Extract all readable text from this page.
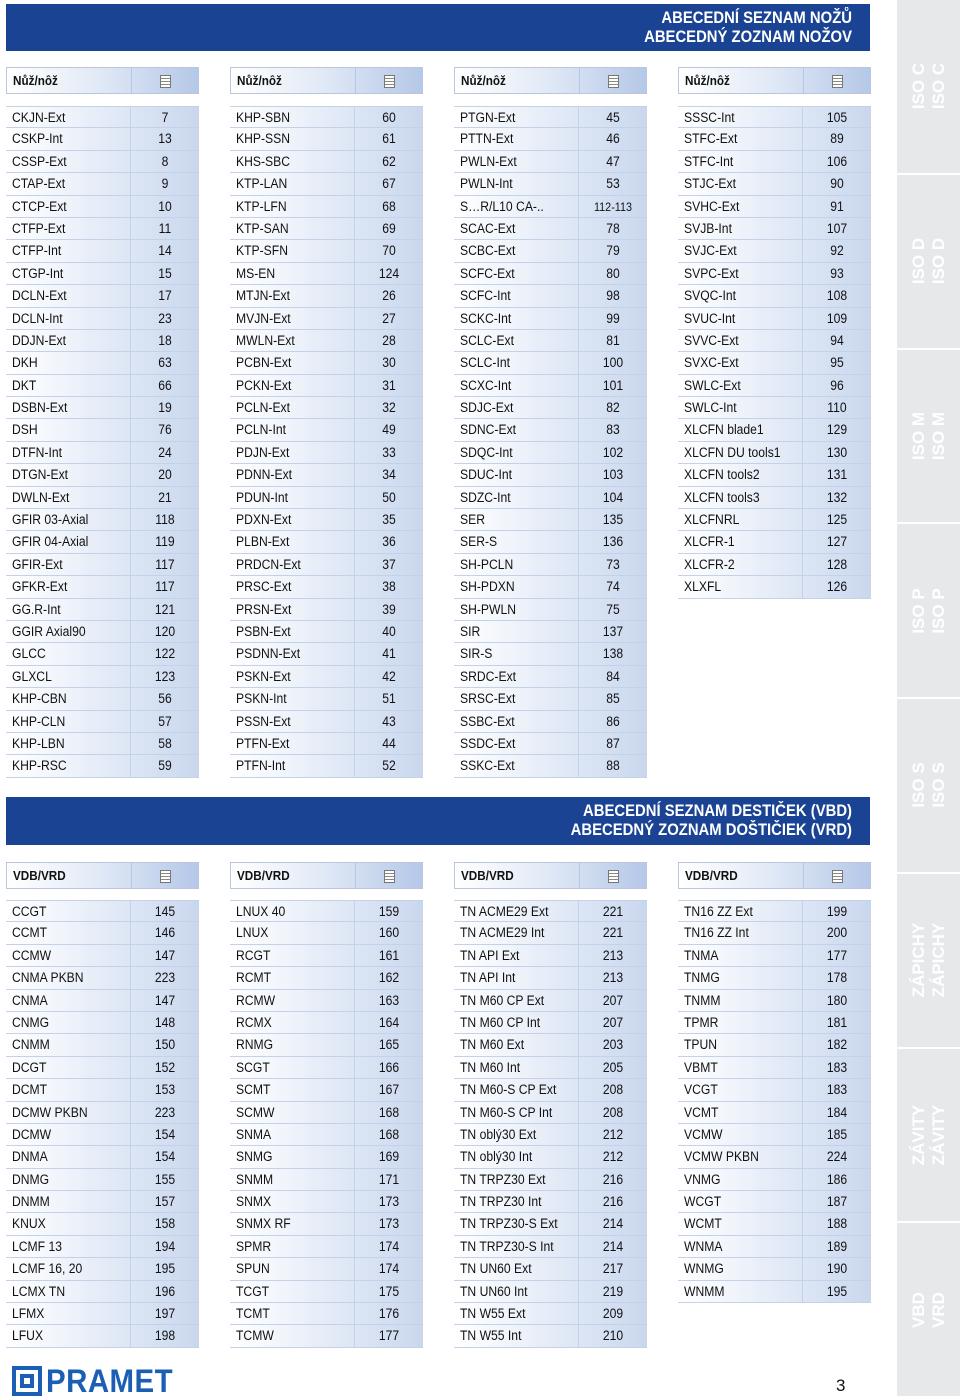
ABECEDNÍ SEZNAM NOŽŮ
ABECEDNÝ ZOZNAM NOŽOV
ABECEDNÍ SEZNAM DESTIČEK (VBD)
ABECEDNÝ ZOZNAM DOŠTIČIEK (VRD)
Nůž/nôž
CKJN-Ext	7
CSKP-Int	13
CSSP-Ext	8
CTAP-Ext	9
CTCP-Ext	10
CTFP-Ext	11
CTFP-Int	14
CTGP-Int	15
DCLN-Ext	17
DCLN-Int	23
DDJN-Ext	18
DKH	63
DKT	66
DSBN-Ext	19
DSH	76
DTFN-Int	24
DTGN-Ext	20
DWLN-Ext	21
GFIR 03-Axial	118
GFIR 04-Axial	119
GFIR-Ext	117
GFKR-Ext	117
GG.R-Int	121
GGIR Axial90	120
GLCC	122
GLXCL	123
KHP-CBN	56
KHP-CLN	57
KHP-LBN	58
KHP-RSC	59
Nůž/nôž
KHP-SBN	60
KHP-SSN	61
KHS-SBC	62
KTP-LAN	67
KTP-LFN	68
KTP-SAN	69
KTP-SFN	70
MS-EN	124
MTJN-Ext	26
MVJN-Ext	27
MWLN-Ext	28
PCBN-Ext	30
PCKN-Ext	31
PCLN-Ext	32
PCLN-Int	49
PDJN-Ext	33
PDNN-Ext	34
PDUN-Int	50
PDXN-Ext	35
PLBN-Ext	36
PRDCN-Ext	37
PRSC-Ext	38
PRSN-Ext	39
PSBN-Ext	40
PSDNN-Ext	41
PSKN-Ext	42
PSKN-Int	51
PSSN-Ext	43
PTFN-Ext	44
PTFN-Int	52
Nůž/nôž
PTGN-Ext	45
PTTN-Ext	46
PWLN-Ext	47
PWLN-Int	53
S…R/L10 CA-..	112-113
SCAC-Ext	78
SCBC-Ext	79
SCFC-Ext	80
SCFC-Int	98
SCKC-Int	99
SCLC-Ext	81
SCLC-Int	100
SCXC-Int	101
SDJC-Ext	82
SDNC-Ext	83
SDQC-Int	102
SDUC-Int	103
SDZC-Int	104
SER	135
SER-S	136
SH-PCLN	73
SH-PDXN	74
SH-PWLN	75
SIR	137
SIR-S	138
SRDC-Ext	84
SRSC-Ext	85
SSBC-Ext	86
SSDC-Ext	87
SSKC-Ext	88
Nůž/nôž
SSSC-Int	105
STFC-Ext	89
STFC-Int	106
STJC-Ext	90
SVHC-Ext	91
SVJB-Int	107
SVJC-Ext	92
SVPC-Ext	93
SVQC-Int	108
SVUC-Int	109
SVVC-Ext	94
SVXC-Ext	95
SWLC-Ext	96
SWLC-Int	110
XLCFN blade1	129
XLCFN DU tools1	130
XLCFN tools2	131
XLCFN tools3	132
XLCFNRL	125
XLCFR-1	127
XLCFR-2	128
XLXFL	126
VDB/VRD
CCGT	145
CCMT	146
CCMW	147
CNMA PKBN	223
CNMA	147
CNMG	148
CNMM	150
DCGT	152
DCMT	153
DCMW PKBN	223
DCMW	154
DNMA	154
DNMG	155
DNMM	157
KNUX	158
LCMF 13	194
LCMF 16, 20	195
LCMX TN	196
LFMX	197
LFUX	198
VDB/VRD
LNUX 40	159
LNUX	160
RCGT	161
RCMT	162
RCMW	163
RCMX	164
RNMG	165
SCGT	166
SCMT	167
SCMW	168
SNMA	168
SNMG	169
SNMM	171
SNMX	173
SNMX RF	173
SPMR	174
SPUN	174
TCGT	175
TCMT	176
TCMW	177
VDB/VRD
TN ACME29 Ext	221
TN ACME29 Int	221
TN API Ext	213
TN API Int	213
TN M60 CP Ext	207
TN M60 CP Int	207
TN M60 Ext	203
TN M60 Int	205
TN M60-S CP Ext	208
TN M60-S CP Int	208
TN oblý30 Ext	212
TN oblý30 Int	212
TN TRPZ30 Ext	216
TN TRPZ30 Int	216
TN TRPZ30-S Ext	214
TN TRPZ30-S Int	214
TN UN60 Ext	217
TN UN60 Int	219
TN W55 Ext	209
TN W55 Int	210
VDB/VRD
TN16 ZZ Ext	199
TN16 ZZ Int	200
TNMA	177
TNMG	178
TNMM	180
TPMR	181
TPUN	182
VBMT	183
VCGT	183
VCMT	184
VCMW	185
VCMW PKBN	224
VNMG	186
WCGT	187
WCMT	188
WNMA	189
WNMG	190
WNMM	195
ISO C ISO C
ISO D ISO D
ISO M ISO M
ISO P ISO P
ISO S ISO S
ZÁPICHY ZÁPICHY
ZÁVITY ZÁVITY
VBD VRD
PRAMET	3
